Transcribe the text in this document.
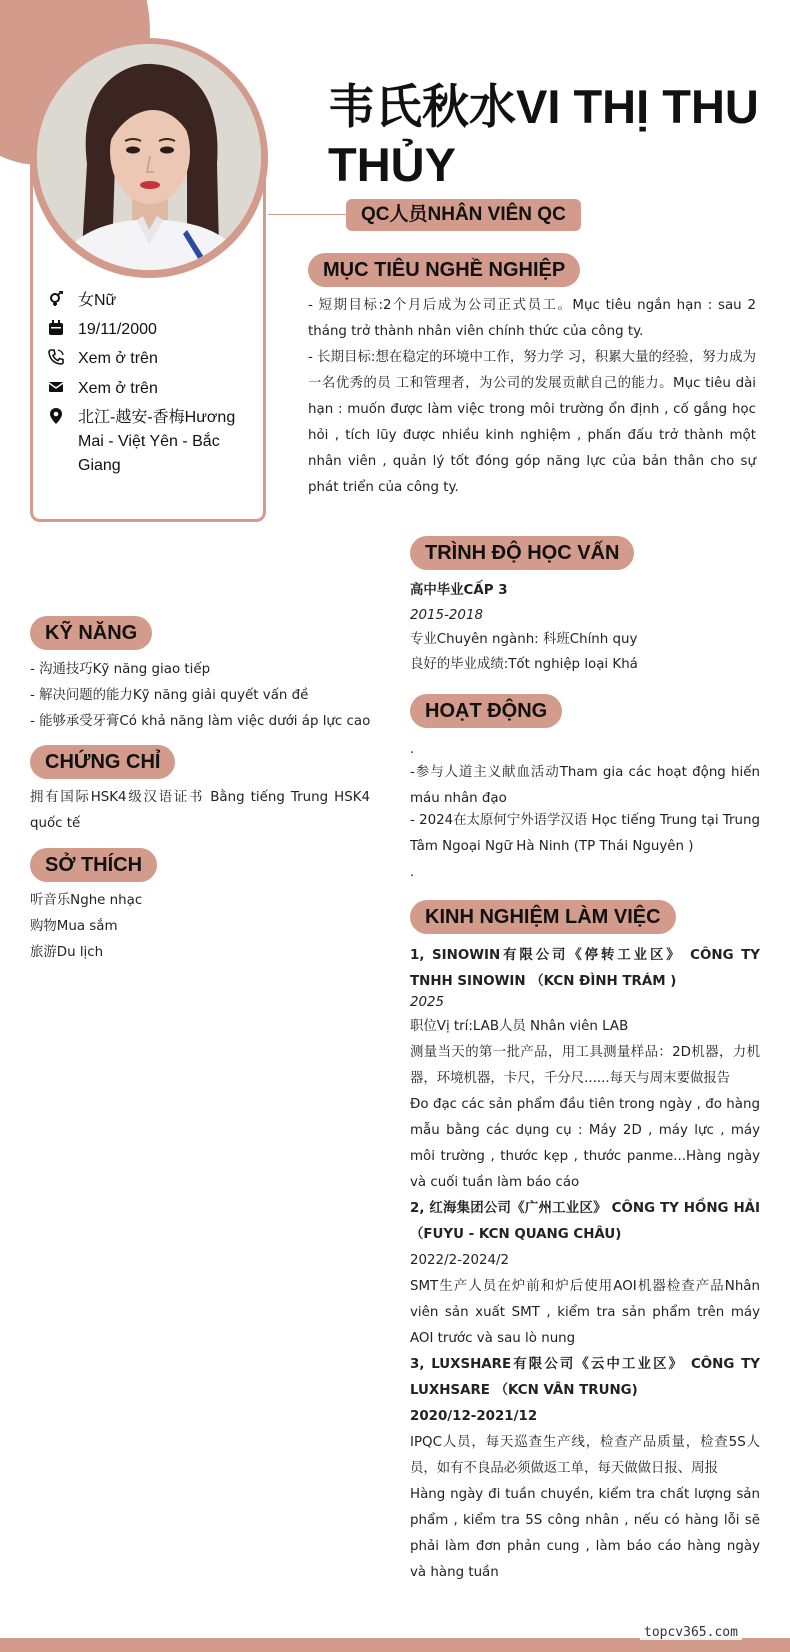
女Nữ
19/11/2000
Xem ở trên
Xem ở trên
北江-越安-香梅Hương Mai - Việt Yên - Bắc Giang
韦氏秋水VI THỊ THU THỦY
QC人员NHÂN VIÊN QC
MỤC TIÊU NGHỀ NGHIỆP
- 短期目标:2个月后成为公司正式员工。Mục tiêu ngắn hạn : sau 2 tháng trở thành nhân viên chính thức của công ty.
- 长期目标:想在稳定的环境中工作，努力学 习，积累大量的经验，努力成为一名优秀的员 工和管理者，为公司的发展贡献自己的能力。Mục tiêu dài hạn : muốn được làm việc trong môi trường ổn định , cố gắng học hỏi , tích lũy được nhiều kinh nghiệm , phấn đấu trở thành một nhân viên , quản lý tốt đóng góp năng lực của bản thân cho sự phát triển của công ty.
TRÌNH ĐỘ HỌC VẤN
高中毕业CẤP 3
2015-2018
专业Chuyên ngành: 科班Chính quy
良好的毕业成绩:Tốt nghiệp loại Khá
HOẠT ĐỘNG
.
-参与人道主义献血活动Tham gia các hoạt động hiến máu nhân đạo
- 2024在太原何宁外语学汉语 Học tiếng Trung tại Trung Tâm Ngoại Ngữ Hà Ninh (TP Thái Nguyên )
.
KỸ NĂNG
- 沟通技巧Kỹ năng giao tiếp
- 解决问题的能力Kỹ năng giải quyết vấn đề
- 能够承受牙膏Có khả năng làm việc dưới áp lực cao
CHỨNG CHỈ
拥有国际HSK4级汉语证书 Bằng tiếng Trung HSK4 quốc tế
SỞ THÍCH
听音乐Nghe nhạc
购物Mua sắm
旅游Du lịch
KINH NGHIỆM LÀM VIỆC
1, SINOWIN有限公司《停转工业区》 CÔNG TY TNHH SINOWIN （KCN ĐÌNH TRÁM )
2025
职位Vị trí:LAB人员 Nhân viên LAB
测量当天的第一批产品，用工具测量样品：2D机器，力机器，环境机器，卡尺，千分尺......每天与周末要做报告
Đo đạc các sản phẩm đầu tiên trong ngày , đo hàng mẫu bằng các dụng cụ : Máy 2D , máy lực , máy môi trường , thước kẹp , thước panme...Hàng ngày và cuối tuần làm báo cáo
2, 红海集团公司《广州工业区》 CÔNG TY HỒNG HẢI （FUYU - KCN QUANG CHÂU)
2022/2-2024/2
SMT生产人员在炉前和炉后使用AOI机器检查产品Nhân viên sản xuất SMT , kiểm tra sản phẩm trên máy AOI trước và sau lò nung
3, LUXSHARE有限公司《云中工业区》 CÔNG TY LUXHSARE （KCN VÂN TRUNG)
2020/12-2021/12
IPQC人员，每天巡查生产线，检查产品质量，检查5S人员，如有不良品必须做返工单，每天做做日报、周报
Hàng ngày đi tuần chuyền, kiểm tra chất lượng sản phẩm , kiểm tra 5S công nhân , nếu có hàng lỗi sẽ phải làm đơn phản cung , làm báo cáo hàng ngày và hàng tuần
topcv365.com
